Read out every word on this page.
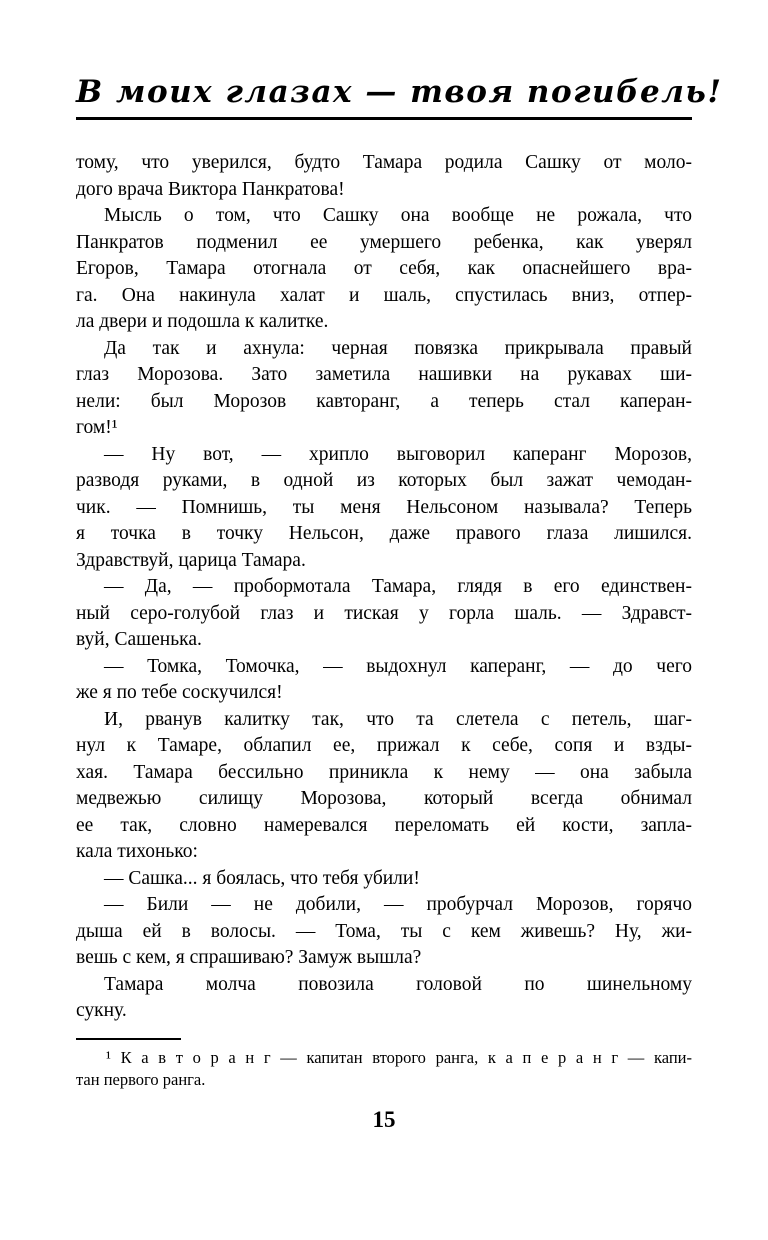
В моих глазах — твоя погибель!
тому, что уверился, будто Тамара родила Сашку от моло-
дого врача Виктора Панкратова!
Мысль о том, что Сашку она вообще не рожала, что
Панкратов подменил ее умершего ребенка, как уверял
Егоров, Тамара отогнала от себя, как опаснейшего вра-
га. Она накинула халат и шаль, спустилась вниз, отпер-
ла двери и подошла к калитке.
Да так и ахнула: черная повязка прикрывала правый
глаз Морозова. Зато заметила нашивки на рукавах ши-
нели: был Морозов кавторанг, а теперь стал каперан-
гом!¹
— Ну вот, — хрипло выговорил каперанг Морозов,
разводя руками, в одной из которых был зажат чемодан-
чик. — Помнишь, ты меня Нельсоном называла? Теперь
я точка в точку Нельсон, даже правого глаза лишился.
Здравствуй, царица Тамара.
— Да, — пробормотала Тамара, глядя в его единствен-
ный серо-голубой глаз и тиская у горла шаль. — Здравст-
вуй, Сашенька.
— Томка, Томочка, — выдохнул каперанг, — до чего
же я по тебе соскучился!
И, рванув калитку так, что та слетела с петель, шаг-
нул к Тамаре, облапил ее, прижал к себе, сопя и взды-
хая. Тамара бессильно приникла к нему — она забыла
медвежью силищу Морозова, который всегда обнимал
ее так, словно намеревался переломать ей кости, запла-
кала тихонько:
— Сашка... я боялась, что тебя убили!
— Били — не добили, — пробурчал Морозов, горячо
дыша ей в волосы. — Тома, ты с кем живешь? Ну, жи-
вешь с кем, я спрашиваю? Замуж вышла?
Тамара молча повозила головой по шинельному
сукну.
¹ К а в т о р а н г — капитан второго ранга, к а п е р а н г — капи-
тан первого ранга.
15
